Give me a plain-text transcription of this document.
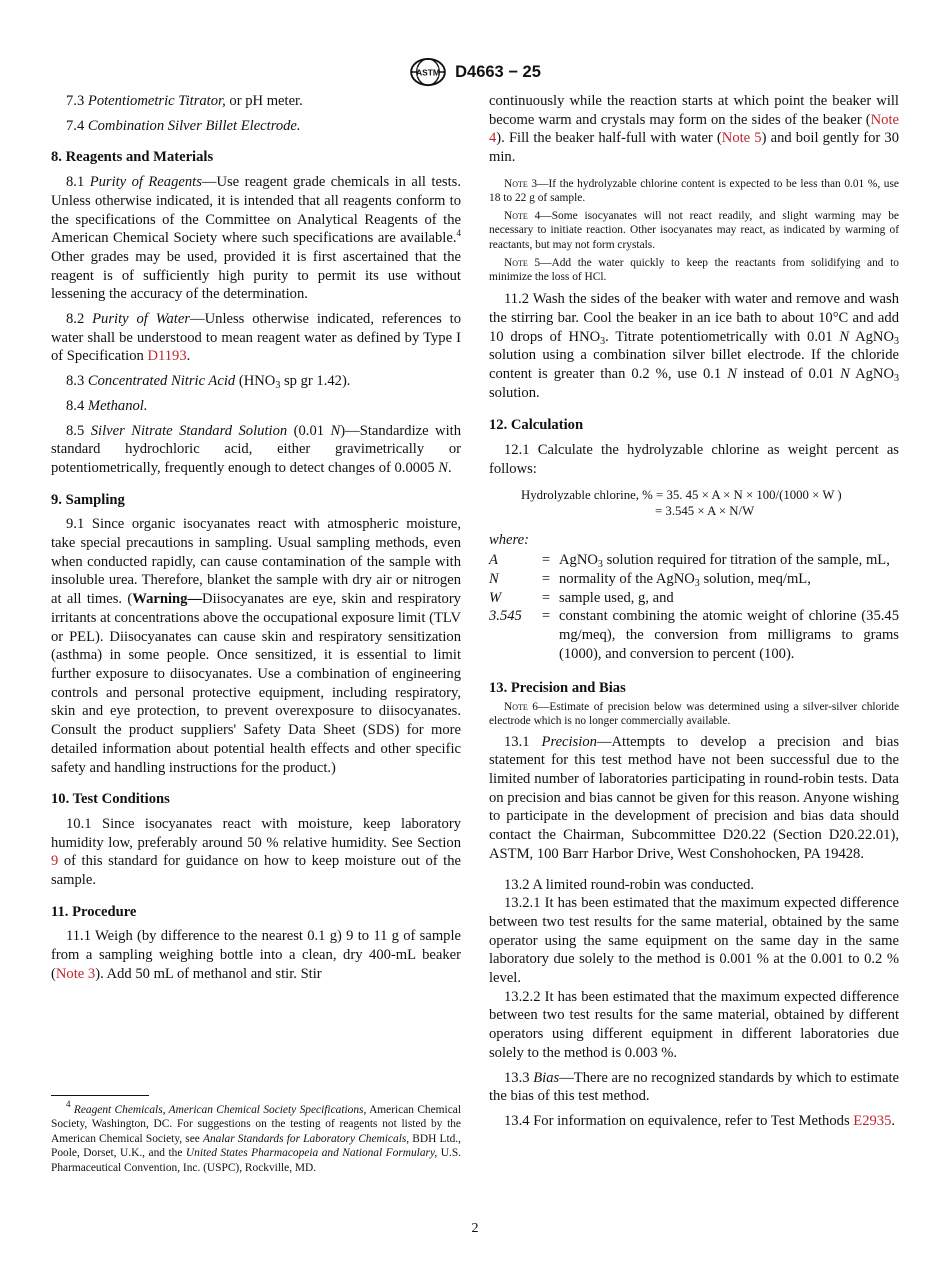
ASTM D4663 − 25

7.3 Potentiometric Titrator, or pH meter.

7.4 Combination Silver Billet Electrode.

8. Reagents and Materials

8.1 Purity of Reagents—Use reagent grade chemicals in all tests. Unless otherwise indicated, it is intended that all reagents conform to the specifications of the Committee on Analytical Reagents of the American Chemical Society where such specifications are available.$^4$ Other grades may be used, provided it is first ascertained that the reagent is of sufficiently high purity to permit its use without lessening the accuracy of the determination.

8.2 Purity of Water—Unless otherwise indicated, references to water shall be understood to mean reagent water as defined by Type I of Specification D1193.

8.3 Concentrated Nitric Acid ($HNO_3$ sp gr 1.42).

8.4 Methanol.

8.5 Silver Nitrate Standard Solution (0.01 N)—Standardize with standard hydrochloric acid, either gravimetrically or potentiometrically, frequently enough to detect changes of 0.0005 N.

9. Sampling

9.1 Since organic isocyanates react with atmospheric moisture, take special precautions in sampling. Usual sampling methods, even when conducted rapidly, can cause contamination of the sample with insoluble urea. Therefore, blanket the sample with dry air or nitrogen at all times. (Warning—Diisocyanates are eye, skin and respiratory irritants at concentrations above the occupational exposure limit (TLV or PEL). Diisocyanates can cause skin and respiratory sensitization (asthma) in some people. Once sensitized, it is essential to limit further exposure to diisocyanates. Use a combination of engineering controls and personal protective equipment, including respiratory, skin and eye protection, to prevent overexposure to diisocyanates. Consult the product suppliers' Safety Data Sheet (SDS) for more detailed information about potential health effects and other specific safety and handling instructions for the product.)

10. Test Conditions

10.1 Since isocyanates react with moisture, keep laboratory humidity low, preferably around 50 % relative humidity. See Section 9 of this standard for guidance on how to keep moisture out of the sample.

11. Procedure

11.1 Weigh (by difference to the nearest 0.1 g) 9 to 11 g of sample from a sampling weighing bottle into a clean, dry 400-mL beaker (Note 3). Add 50 mL of methanol and stir. Stir

$^4$ Reagent Chemicals, American Chemical Society Specifications, American Chemical Society, Washington, DC. For suggestions on the testing of reagents not listed by the American Chemical Society, see Analar Standards for Laboratory Chemicals, BDH Ltd., Poole, Dorset, U.K., and the United States Pharmacopeia and National Formulary, U.S. Pharmaceutical Convention, Inc. (USPC), Rockville, MD.

continuously while the reaction starts at which point the beaker will become warm and crystals may form on the sides of the beaker (Note 4). Fill the beaker half-full with water (Note 5) and boil gently for 30 min.

Note 3—If the hydrolyzable chlorine content is expected to be less than 0.01 %, use 18 to 22 g of sample.

Note 4—Some isocyanates will not react readily, and slight warming may be necessary to initiate reaction. Other isocyanates may react, as indicated by warming of reactants, but may not form crystals.

Note 5—Add the water quickly to keep the reactants from solidifying and to minimize the loss of HCl.

11.2 Wash the sides of the beaker with water and remove and wash the stirring bar. Cool the beaker in an ice bath to about 10°C and add 10 drops of $HNO_3$. Titrate potentiometrically with 0.01 N AgNO$_3$ solution using a combination silver billet electrode. If the chloride content is greater than 0.2 %, use 0.1 N instead of 0.01 N AgNO$_3$ solution.

12. Calculation

12.1 Calculate the hydrolyzable chlorine as weight percent as follows:

Hydrolyzable chlorine, % = 35. 45 × A × N × 100/(1000 × W )
= 3.545 × A × N/W

where:

A	=	AgNO$_3$ solution required for titration of the sample, mL,
N	=	normality of the AgNO$_3$ solution, meq/mL,
W	=	sample used, g, and
3.545	=	constant combining the atomic weight of chlorine (35.45 mg/meq), the conversion from milligrams to grams (1000), and conversion to percent (100).

13. Precision and Bias

Note 6—Estimate of precision below was determined using a silver-silver chloride electrode which is no longer commercially available.

13.1 Precision—Attempts to develop a precision and bias statement for this test method have not been successful due to the limited number of laboratories participating in round-robin tests. Data on precision and bias cannot be given for this reason. Anyone wishing to participate in the development of precision and bias data should contact the Chairman, Subcommittee D20.22 (Section D20.22.01), ASTM, 100 Barr Harbor Drive, West Conshohocken, PA 19428.

13.2 A limited round-robin was conducted.

13.2.1 It has been estimated that the maximum expected difference between two test results for the same material, obtained by the same operator using the same equipment on the same day in the same laboratory due solely to the method is 0.001 % at the 0.001 to 0.2 % level.

13.2.2 It has been estimated that the maximum expected difference between two test results for the same material, obtained by different operators using different equipment in different laboratories due solely to the method is 0.003 %.

13.3 Bias—There are no recognized standards by which to estimate the bias of this test method.

13.4 For information on equivalence, refer to Test Methods E2935.

2
